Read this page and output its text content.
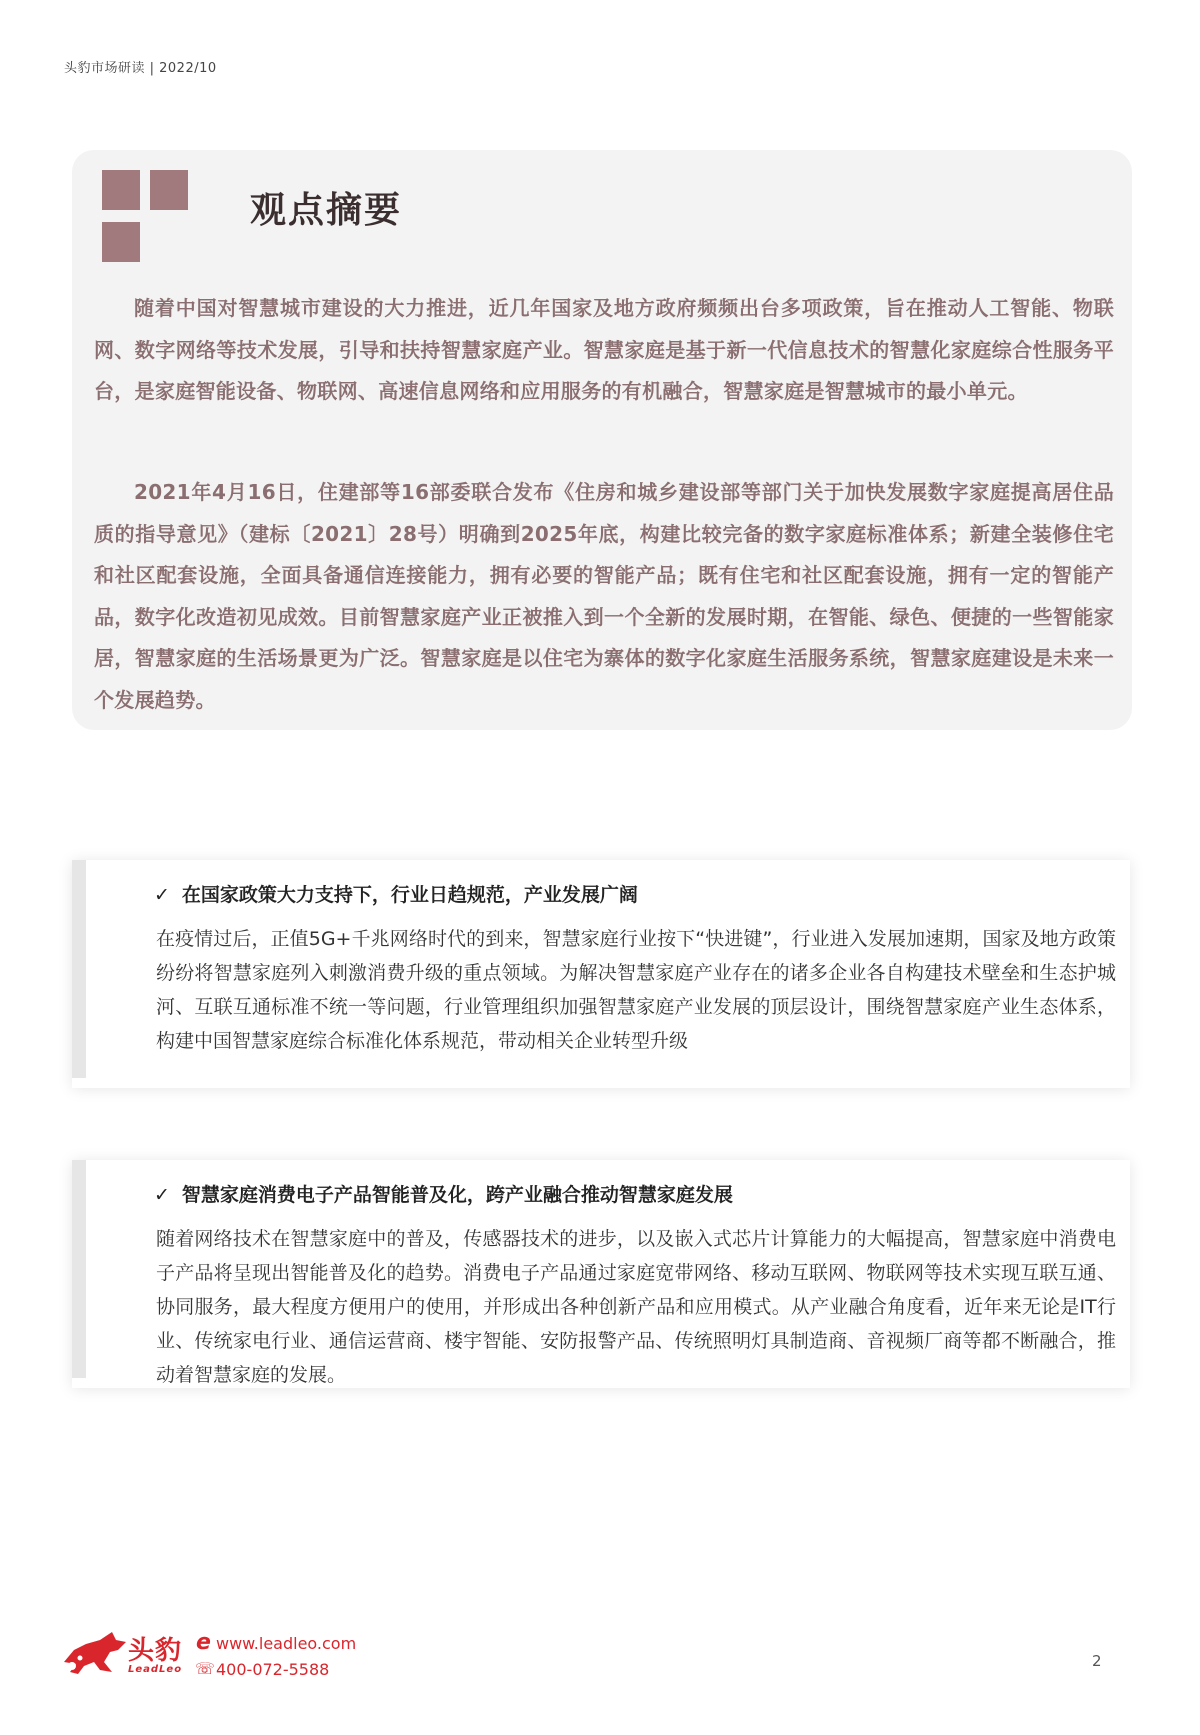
头豹市场研读 | 2022/10
观点摘要

随着中国对智慧城市建设的大力推进，近几年国家及地方政府频频出台多项政策，旨在推动人工智能、物联网、数字网络等技术发展，引导和扶持智慧家庭产业。智慧家庭是基于新一代信息技术的智慧化家庭综合性服务平台，是家庭智能设备、物联网、高速信息网络和应用服务的有机融合，智慧家庭是智慧城市的最小单元。

2021年4月16日，住建部等16部委联合发布《住房和城乡建设部等部门关于加快发展数字家庭提高居住品质的指导意见》（建标〔2021〕28号）明确到2025年底，构建比较完备的数字家庭标准体系；新建全装修住宅和社区配套设施，全面具备通信连接能力，拥有必要的智能产品；既有住宅和社区配套设施，拥有一定的智能产品，数字化改造初见成效。目前智慧家庭产业正被推入到一个全新的发展时期，在智能、绿色、便捷的一些智能家居，智慧家庭的生活场景更为广泛。智慧家庭是以住宅为寨体的数字化家庭生活服务系统，智慧家庭建设是未来一个发展趋势。

✓ 在国家政策大力支持下，行业日趋规范，产业发展广阔

在疫情过后，正值5G+千兆网络时代的到来，智慧家庭行业按下“快进键”，行业进入发展加速期，国家及地方政策纷纷将智慧家庭列入刺激消费升级的重点领域。为解决智慧家庭产业存在的诸多企业各自构建技术壁垒和生态护城河、互联互通标准不统一等问题，行业管理组织加强智慧家庭产业发展的顶层设计，围绕智慧家庭产业生态体系，构建中国智慧家庭综合标准化体系规范，带动相关企业转型升级

✓ 智慧家庭消费电子产品智能普及化，跨产业融合推动智慧家庭发展

随着网络技术在智慧家庭中的普及，传感器技术的进步，以及嵌入式芯片计算能力的大幅提高，智慧家庭中消费电子产品将呈现出智能普及化的趋势。消费电子产品通过家庭宽带网络、移动互联网、物联网等技术实现互联互通、协同服务，最大程度方便用户的使用，并形成出各种创新产品和应用模式。从产业融合角度看，近年来无论是IT行业、传统家电行业、通信运营商、楼宇智能、安防报警产品、传统照明灯具制造商、音视频厂商等都不断融合，推动着智慧家庭的发展。

头豹
LeadLeo
e www.leadleo.com
☏ 400-072-5588	2
